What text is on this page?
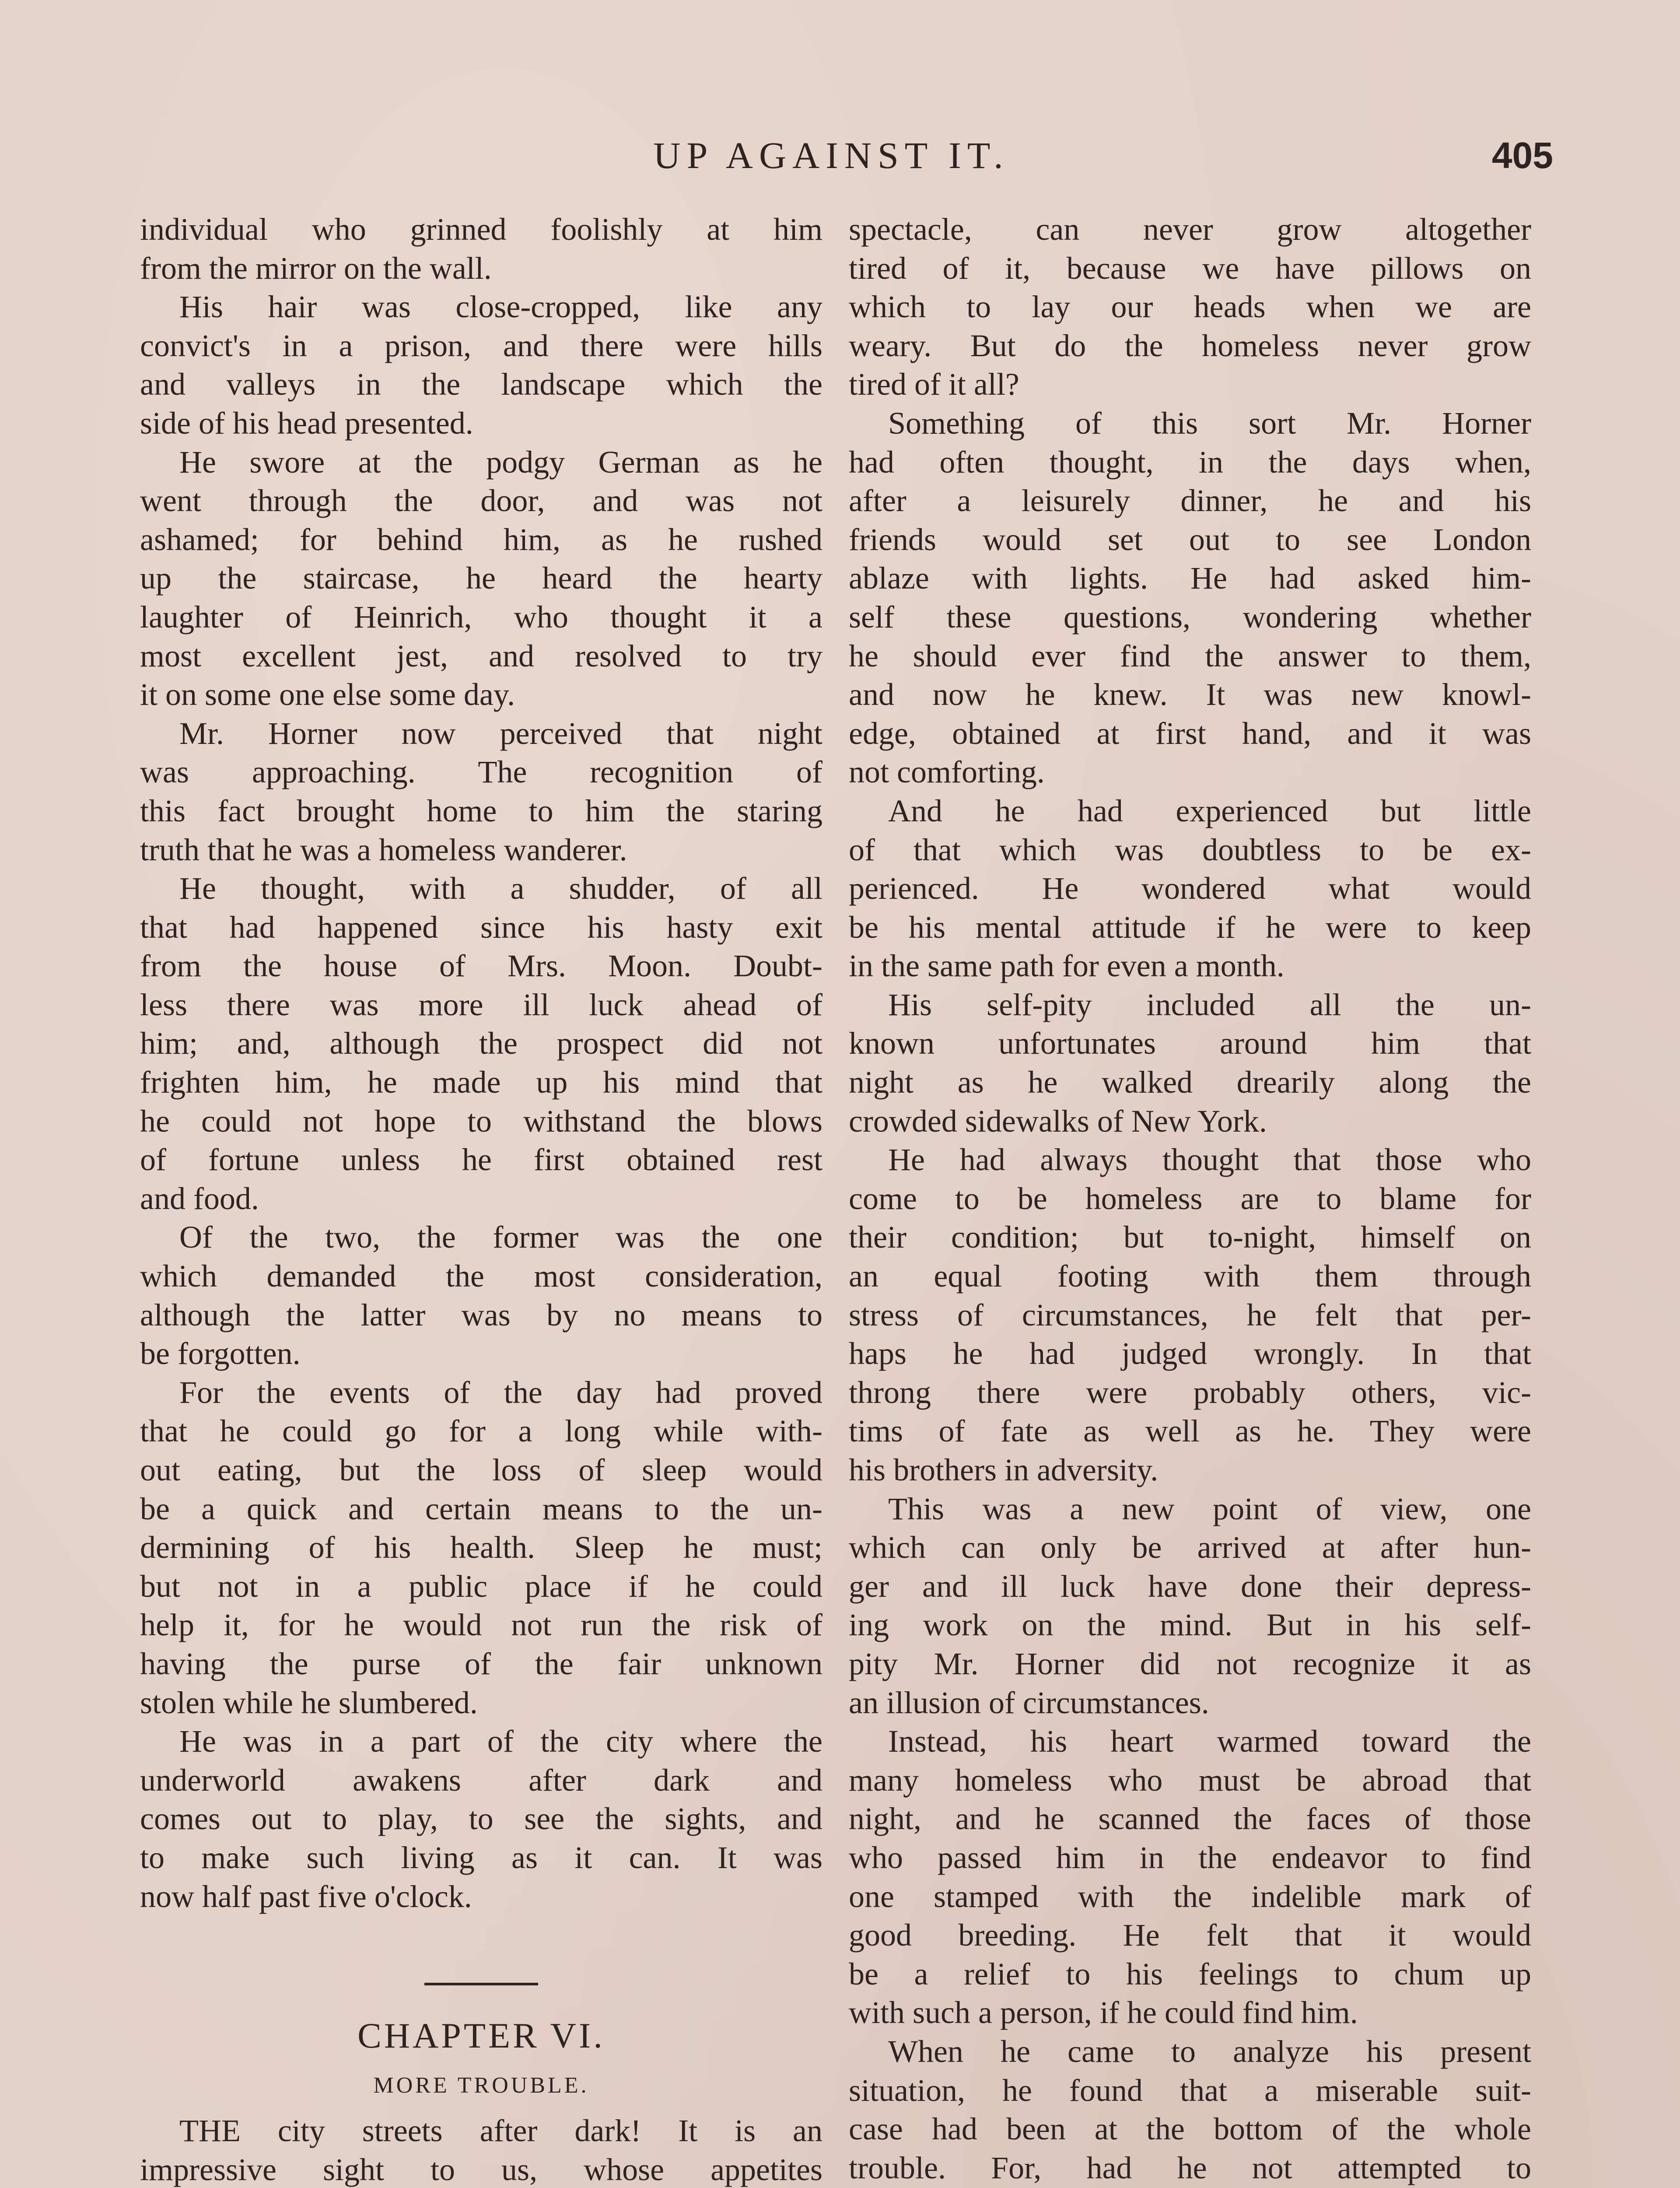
UP AGAINST IT.	405
individual who grinned foolishly at him
from the mirror on the wall.
His hair was close-cropped, like any
convict's in a prison, and there were hills
and valleys in the landscape which the
side of his head presented.
He swore at the podgy German as he
went through the door, and was not
ashamed; for behind him, as he rushed
up the staircase, he heard the hearty
laughter of Heinrich, who thought it a
most excellent jest, and resolved to try
it on some one else some day.
Mr. Horner now perceived that night
was approaching. The recognition of
this fact brought home to him the staring
truth that he was a homeless wanderer.
He thought, with a shudder, of all
that had happened since his hasty exit
from the house of Mrs. Moon. Doubt-
less there was more ill luck ahead of
him; and, although the prospect did not
frighten him, he made up his mind that
he could not hope to withstand the blows
of fortune unless he first obtained rest
and food.
Of the two, the former was the one
which demanded the most consideration,
although the latter was by no means to
be forgotten.
For the events of the day had proved
that he could go for a long while with-
out eating, but the loss of sleep would
be a quick and certain means to the un-
dermining of his health. Sleep he must;
but not in a public place if he could
help it, for he would not run the risk of
having the purse of the fair unknown
stolen while he slumbered.
He was in a part of the city where the
underworld awakens after dark and
comes out to play, to see the sights, and
to make such living as it can. It was
now half past five o'clock.
CHAPTER VI.
MORE TROUBLE.
THE city streets after dark! It is an
impressive sight to us, whose appetites
spectacle, can never grow altogether
tired of it, because we have pillows on
which to lay our heads when we are
weary. But do the homeless never grow
tired of it all?
Something of this sort Mr. Horner
had often thought, in the days when,
after a leisurely dinner, he and his
friends would set out to see London
ablaze with lights. He had asked him-
self these questions, wondering whether
he should ever find the answer to them,
and now he knew. It was new knowl-
edge, obtained at first hand, and it was
not comforting.
And he had experienced but little
of that which was doubtless to be ex-
perienced. He wondered what would
be his mental attitude if he were to keep
in the same path for even a month.
His self-pity included all the un-
known unfortunates around him that
night as he walked drearily along the
crowded sidewalks of New York.
He had always thought that those who
come to be homeless are to blame for
their condition; but to-night, himself on
an equal footing with them through
stress of circumstances, he felt that per-
haps he had judged wrongly. In that
throng there were probably others, vic-
tims of fate as well as he. They were
his brothers in adversity.
This was a new point of view, one
which can only be arrived at after hun-
ger and ill luck have done their depress-
ing work on the mind. But in his self-
pity Mr. Horner did not recognize it as
an illusion of circumstances.
Instead, his heart warmed toward the
many homeless who must be abroad that
night, and he scanned the faces of those
who passed him in the endeavor to find
one stamped with the indelible mark of
good breeding. He felt that it would
be a relief to his feelings to chum up
with such a person, if he could find him.
When he came to analyze his present
situation, he found that a miserable suit-
case had been at the bottom of the whole
trouble. For, had he not attempted to
